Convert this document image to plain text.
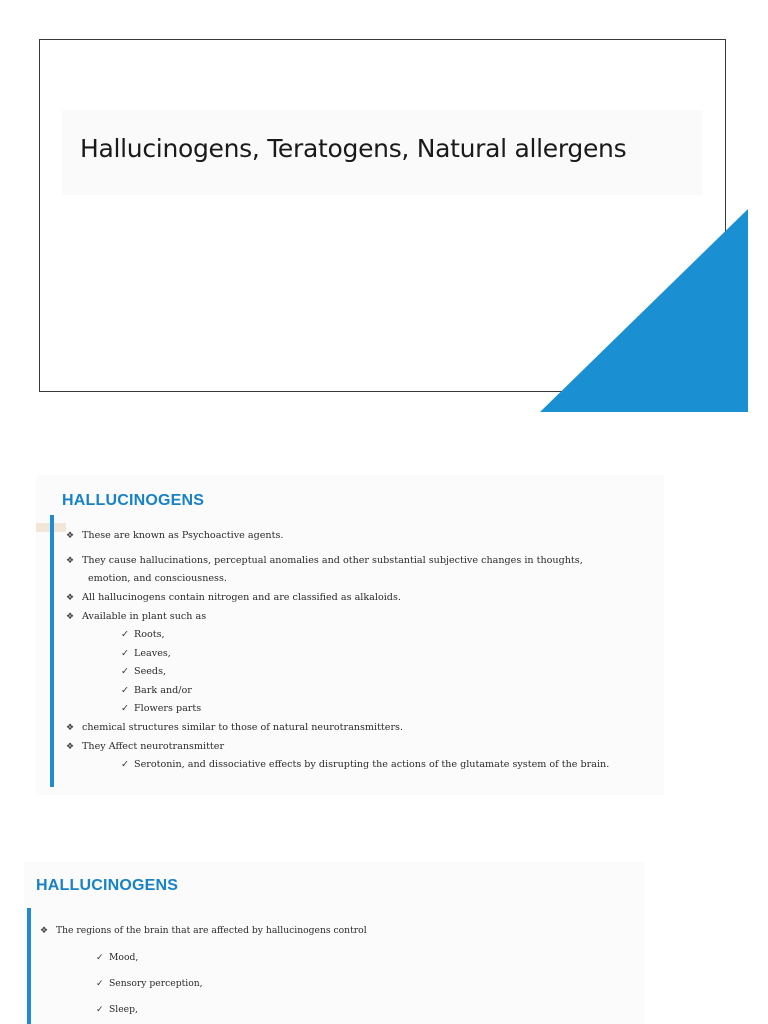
Hallucinogens, Teratogens, Natural allergens
HALLUCINOGENS

❖ These are known as Psychoactive agents.

❖ They cause hallucinations, perceptual anomalies and other substantial subjective changes in thoughts,

emotion, and consciousness.

❖ All hallucinogens contain nitrogen and are classified as alkaloids.

❖ Available in plant such as

✓ Roots,

✓ Leaves,

✓ Seeds,

✓ Bark and/or

✓ Flowers parts

❖ chemical structures similar to those of natural neurotransmitters.

❖ They Affect neurotransmitter

✓ Serotonin, and dissociative effects by disrupting the actions of the glutamate system of the brain.

HALLUCINOGENS

❖ The regions of the brain that are affected by hallucinogens control

✓ Mood,

✓ Sensory perception,

✓ Sleep,
